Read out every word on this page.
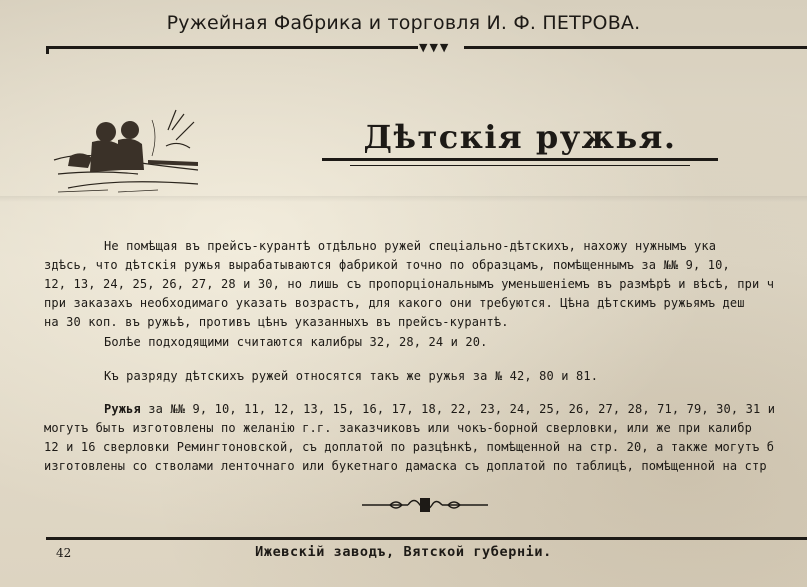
Ружейная Фабрика и торговля И. Ф. ПЕТРОВА.
▼▼▼
Дѣтскія ружья.
Не помѣщая въ прейсъ-курантѣ отдѣльно ружей спеціально-дѣтскихъ, нахожу нужнымъ ука
здѣсь, что дѣтскія ружья вырабатываются фабрикой точно по образцамъ, помѣщеннымъ за №№ 9, 10,
12, 13, 24, 25, 26, 27, 28 и 30, но лишь съ пропорціональнымъ уменьшеніемъ въ размѣрѣ и вѣсѣ, при ч
при заказахъ необходимаго указать возрастъ, для какого они требуются. Цѣна дѣтскимъ ружьямъ деш
на 30 коп. въ ружьѣ, противъ цѣнъ указанныхъ въ прейсъ-курантѣ.
Болѣе подходящими считаются калибры 32, 28, 24 и 20.
Къ разряду дѣтскихъ ружей относятся такъ же ружья за № 42, 80 и 81.
Ружья за №№ 9, 10, 11, 12, 13, 15, 16, 17, 18, 22, 23, 24, 25, 26, 27, 28, 71, 79, 30, 31 и
могутъ быть изготовлены по желанію г.г. заказчиковъ или чокъ-борной сверловки, или же при калибр
12 и 16 сверловки Ремингтоновской, съ доплатой по разцѣнкѣ, помѣщенной на стр. 20, а также могутъ б
изготовлены со стволами ленточнаго или букетнаго дамаска съ доплатой по таблицѣ, помѣщенной на стр
42	Ижевскій заводъ, Вятской губерніи.
